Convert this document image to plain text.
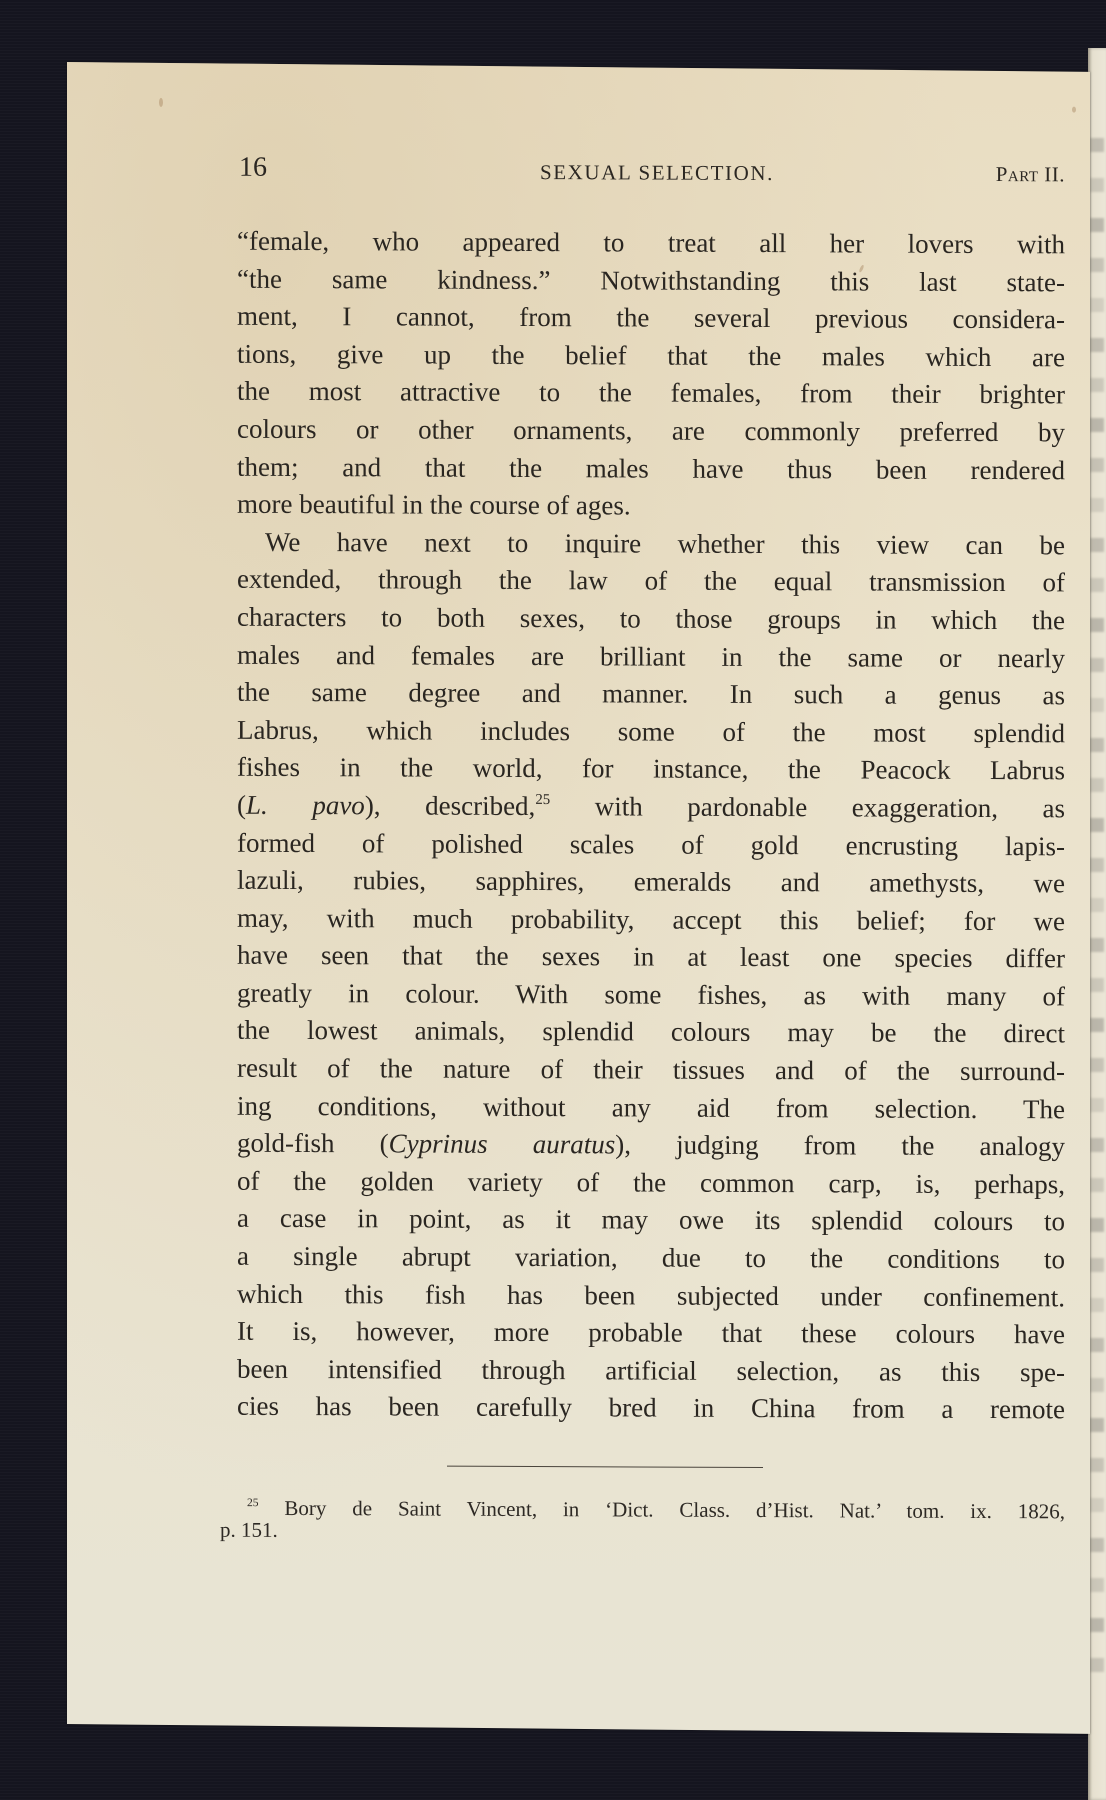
16	SEXUAL SELECTION.	Part II.
“female, who appeared to treat all her lovers with
“the same kindness.” Notwithstanding this last state-
ment, I cannot, from the several previous considera-
tions, give up the belief that the males which are
the most attractive to the females, from their brighter
colours or other ornaments, are commonly preferred by
them; and that the males have thus been rendered
more beautiful in the course of ages.
We have next to inquire whether this view can be
extended, through the law of the equal transmission of
characters to both sexes, to those groups in which the
males and females are brilliant in the same or nearly
the same degree and manner. In such a genus as
Labrus, which includes some of the most splendid
fishes in the world, for instance, the Peacock Labrus
(L. pavo), described,$^{25}$ with pardonable exaggeration, as
formed of polished scales of gold encrusting lapis-
lazuli, rubies, sapphires, emeralds and amethysts, we
may, with much probability, accept this belief; for we
have seen that the sexes in at least one species differ
greatly in colour. With some fishes, as with many of
the lowest animals, splendid colours may be the direct
result of the nature of their tissues and of the surround-
ing conditions, without any aid from selection. The
gold-fish (Cyprinus auratus), judging from the analogy
of the golden variety of the common carp, is, perhaps,
a case in point, as it may owe its splendid colours to
a single abrupt variation, due to the conditions to
which this fish has been subjected under confinement.
It is, however, more probable that these colours have
been intensified through artificial selection, as this spe-
cies has been carefully bred in China from a remote
$^{25}$ Bory de Saint Vincent, in ‘Dict. Class. d’Hist. Nat.’ tom. ix. 1826,
p. 151.
